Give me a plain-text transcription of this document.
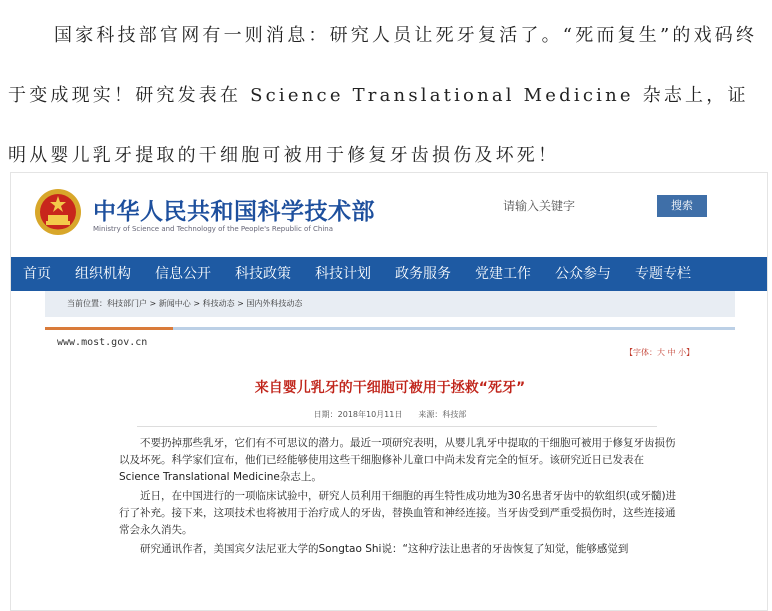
国家科技部官网有一则消息：研究人员让死牙复活了。“死而复生”的戏码终于变成现实！研究发表在 Science Translational Medicine 杂志上，证明从婴儿乳牙提取的干细胞可被用于修复牙齿损伤及坏死！

中华人民共和国科学技术部
Ministry of Science and Technology of the People's Republic of China
请输入关键字
搜索
首页	组织机构	信息公开	科技政策	科技计划	政务服务	党建工作	公众参与	专题专栏
当前位置：科技部门户 > 新闻中心 > 科技动态 > 国内外科技动态
www.most.gov.cn
【字体：大 中 小】
来自婴儿乳牙的干细胞可被用于拯救“死牙”
日期：2018年10月11日　　来源：科技部

不要扔掉那些乳牙，它们有不可思议的潜力。最近一项研究表明，从婴儿乳牙中提取的干细胞可被用于修复牙齿损伤以及坏死。科学家们宣布，他们已经能够使用这些干细胞修补儿童口中尚未发育完全的恒牙。该研究近日已发表在Science Translational Medicine杂志上。

近日，在中国进行的一项临床试验中，研究人员利用干细胞的再生特性成功地为30名患者牙齿中的软组织(或牙髓)进行了补充。接下来，这项技术也将被用于治疗成人的牙齿，替换血管和神经连接。当牙齿受到严重受损伤时，这些连接通常会永久消失。

研究通讯作者，美国宾夕法尼亚大学的Songtao Shi说：“这种疗法让患者的牙齿恢复了知觉，能够感觉到
